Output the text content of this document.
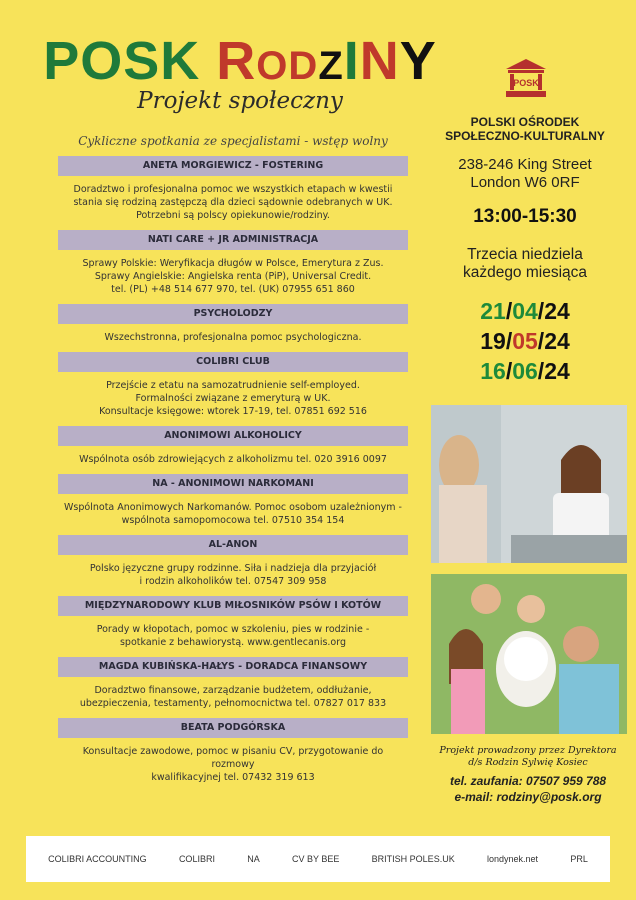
POSK RODZINY
Projekt społeczny
Cykliczne spotkania ze specjalistami - wstęp wolny
ANETA MORGIEWICZ - FOSTERING
Doradztwo i profesjonalna pomoc we wszystkich etapach w kwestii
stania się rodziną zastępczą dla dzieci sądownie odebranych w UK.
Potrzebni są polscy opiekunowie/rodziny.
NATI CARE + JR ADMINISTRACJA
Sprawy Polskie: Weryfikacja długów w Polsce, Emerytura z Zus.
Sprawy Angielskie: Angielska renta (PiP), Universal Credit.
tel. (PL) +48 514 677 970, tel. (UK) 07955 651 860
PSYCHOLODZY
Wszechstronna, profesjonalna pomoc psychologiczna.
COLIBRI CLUB
Przejście z etatu na samozatrudnienie self-employed.
Formalności związane z emeryturą w UK.
Konsultacje księgowe: wtorek 17-19, tel. 07851 692 516
ANONIMOWI ALKOHOLICY
Wspólnota osób zdrowiejących z alkoholizmu tel. 020 3916 0097
NA - ANONIMOWI NARKOMANI
Wspólnota Anonimowych Narkomanów. Pomoc osobom uzależnionym -
wspólnota samopomocowa tel. 07510 354 154
AL-ANON
Polsko języczne grupy rodzinne. Siła i nadzieja dla przyjaciół
i rodzin alkoholików tel. 07547 309 958
MIĘDZYNARODOWY KLUB MIŁOSNIKÓW PSÓW I KOTÓW
Porady w kłopotach, pomoc w szkoleniu, pies w rodzinie -
spotkanie z behawiorystą. www.gentlecanis.org
MAGDA KUBIŃSKA-HAŁYS - DORADCA FINANSOWY
Doradztwo finansowe, zarządzanie budżetem, oddłużanie,
ubezpieczenia, testamenty, pełnomocnictwa tel. 07827 017 833
BEATA PODGÓRSKA
Konsultacje zawodowe, pomoc w pisaniu CV, przygotowanie do rozmowy
kwalifikacyjnej tel. 07432 319 613
POSK
POLSKI OŚRODEK
SPOŁECZNO-KULTURALNY
238-246 King Street
London W6 0RF
13:00-15:30
Trzecia niedziela
każdego miesiąca
21/04/24
19/05/24
16/06/24
Projekt prowadzony przez Dyrektora
d/s Rodzin Sylwię Kosiec
tel. zaufania: 07507 959 788
e-mail: rodziny@posk.org
COLIBRI ACCOUNTING	COLIBRI	NA	CV BY BEE	BRITISH POLES.UK	londynek.net	PRL
